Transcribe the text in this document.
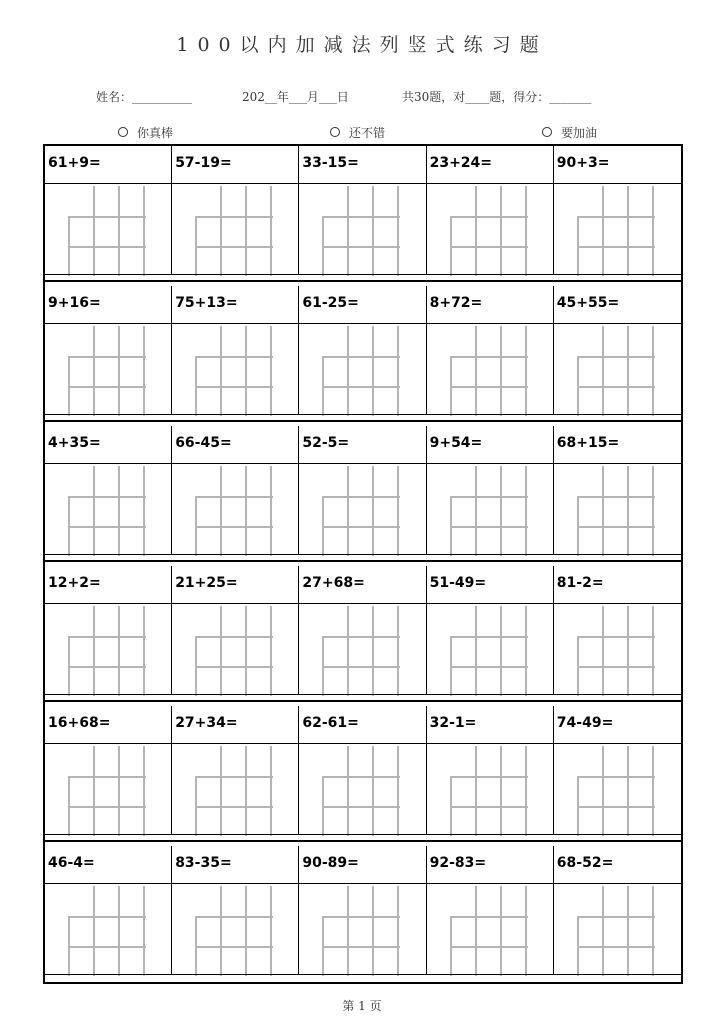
100以内加减法列竖式练习题
姓名：__________	202__年___月___日	共30题，对____题，得分：_______
你真棒	还不错	要加油
61+9=	57-19=	33-15=	23+24=	90+3=
9+16=	75+13=	61-25=	8+72=	45+55=
4+35=	66-45=	52-5=	9+54=	68+15=
12+2=	21+25=	27+68=	51-49=	81-2=
16+68=	27+34=	62-61=	32-1=	74-49=
46-4=	83-35=	90-89=	92-83=	68-52=
第 1 页
